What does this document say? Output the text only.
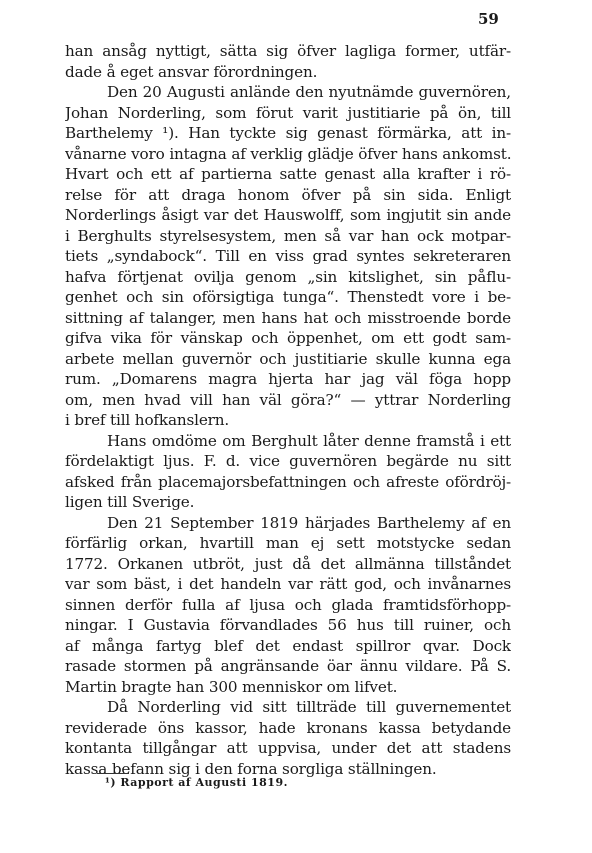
59
han ansåg nyttigt, sätta sig öfver lagliga former, utfär-
dade å eget ansvar förordningen.
Den 20 Augusti anlände den nyutnämde guvernören,
Johan Norderling, som förut varit justitiarie på ön, till
Barthelemy ¹). Han tyckte sig genast förmärka, att in-
vånarne voro intagna af verklig glädje öfver hans ankomst.
Hvart och ett af partierna satte genast alla krafter i rö-
relse för att draga honom öfver på sin sida. Enligt
Norderlings åsigt var det Hauswolff, som ingjutit sin ande
i Berghults styrelsesystem, men så var han ock motpar-
tiets „syndabock“. Till en viss grad syntes sekreteraren
hafva förtjenat ovilja genom „sin kitslighet, sin påflu-
genhet och sin oförsigtiga tunga“. Thenstedt vore i be-
sittning af talanger, men hans hat och misstroende borde
gifva vika för vänskap och öppenhet, om ett godt sam-
arbete mellan guvernör och justitiarie skulle kunna ega
rum. „Domarens magra hjerta har jag väl föga hopp
om, men hvad vill han väl göra?“ — yttrar Norderling
i bref till hofkanslern.
Hans omdöme om Berghult låter denne framstå i ett
fördelaktigt ljus. F. d. vice guvernören begärde nu sitt
afsked från placemajorsbefattningen och afreste ofördröj-
ligen till Sverige.
Den 21 September 1819 härjades Barthelemy af en
förfärlig orkan, hvartill man ej sett motstycke sedan
1772. Orkanen utbröt, just då det allmänna tillståndet
var som bäst, i det handeln var rätt god, och invånarnes
sinnen derför fulla af ljusa och glada framtidsförhopp-
ningar. I Gustavia förvandlades 56 hus till ruiner, och
af många fartyg blef det endast spillror qvar. Dock
rasade stormen på angränsande öar ännu vildare. På S.
Martin bragte han 300 menniskor om lifvet.
Då Norderling vid sitt tillträde till guvernementet
reviderade öns kassor, hade kronans kassa betydande
kontanta tillgångar att uppvisa, under det att stadens
kassa befann sig i den forna sorgliga ställningen.
¹) Rapport af Augusti 1819.
